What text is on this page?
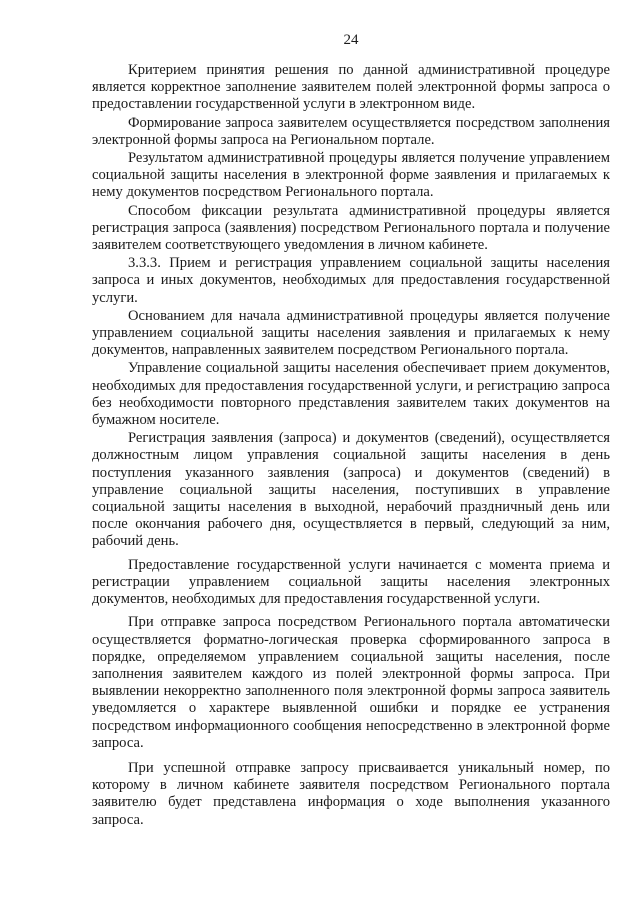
24

Критерием принятия решения по данной административной процедуре является корректное заполнение заявителем полей электронной формы запроса о предоставлении государственной услуги в электронном виде.

Формирование запроса заявителем осуществляется посредством заполнения электронной формы запроса на Региональном портале.

Результатом административной процедуры является получение управлением социальной защиты населения в электронной форме заявления и прилагаемых к нему документов посредством Регионального портала.

Способом фиксации результата административной процедуры является регистрация запроса (заявления) посредством Регионального портала и получение заявителем соответствующего уведомления в личном кабинете.

3.3.3. Прием и регистрация управлением социальной защиты населения запроса и иных документов, необходимых для предоставления государственной услуги.

Основанием для начала административной процедуры является получение управлением социальной защиты населения заявления и прилагаемых к нему документов, направленных заявителем посредством Регионального портала.

Управление социальной защиты населения обеспечивает прием документов, необходимых для предоставления государственной услуги, и регистрацию запроса без необходимости повторного представления заявителем таких документов на бумажном носителе.

Регистрация заявления (запроса) и документов (сведений), осуществляется должностным лицом управления социальной защиты населения в день поступления указанного заявления (запроса) и документов (сведений) в управление социальной защиты населения, поступивших в управление социальной защиты населения в выходной, нерабочий праздничный день или после окончания рабочего дня, осуществляется в первый, следующий за ним, рабочий день.

Предоставление государственной услуги начинается с момента приема и регистрации управлением социальной защиты населения электронных документов, необходимых для предоставления государственной услуги.

При отправке запроса посредством Регионального портала автоматически осуществляется форматно-логическая проверка сформированного запроса в порядке, определяемом управлением социальной защиты населения, после заполнения заявителем каждого из полей электронной формы запроса. При выявлении некорректно заполненного поля электронной формы запроса заявитель уведомляется о характере выявленной ошибки и порядке ее устранения посредством информационного сообщения непосредственно в электронной форме запроса.

При успешной отправке запросу присваивается уникальный номер, по которому в личном кабинете заявителя посредством Регионального портала заявителю будет представлена информация о ходе выполнения указанного запроса.
